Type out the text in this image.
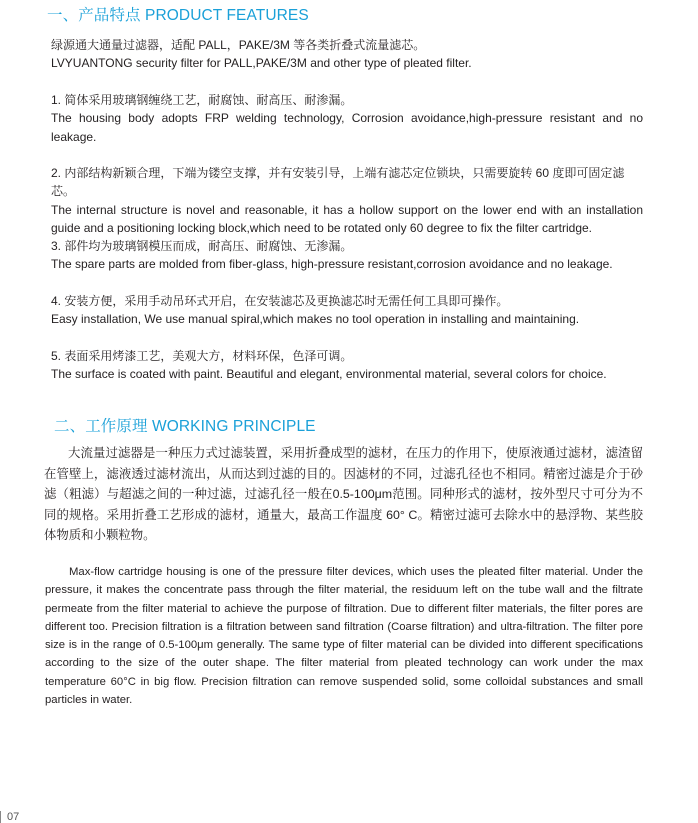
一、产品特点 PRODUCT FEATURES

绿源通大通量过滤器，适配 PALL，PAKE/3M 等各类折叠式流量滤芯。

LVYUANTONG security filter for PALL,PAKE/3M and other type of pleated filter.

1. 简体采用玻璃钢缠绕工艺，耐腐蚀、耐高压、耐渗漏。

The housing body adopts FRP welding technology, Corrosion avoidance,high-pressure resistant and no leakage.

2. 内部结构新颖合理，下端为镂空支撑，并有安装引导，上端有滤芯定位锁块，只需要旋转 60 度即可固定滤芯。

The internal structure is novel and reasonable, it has a hollow support on the lower end with an installation guide and a positioning locking block,which need to be rotated only 60 degree to fix the filter cartridge.

3. 部件均为玻璃钢模压而成，耐高压、耐腐蚀、无渗漏。

The spare parts are molded from fiber-glass, high-pressure resistant,corrosion avoidance and no leakage.

4. 安装方便，采用手动吊环式开启，在安装滤芯及更换滤芯时无需任何工具即可操作。

Easy installation, We use manual spiral,which makes no tool operation in installing and maintaining.

5. 表面采用烤漆工艺，美观大方，材料环保，色泽可调。

The surface is coated with paint. Beautiful and elegant, environmental material, several colors for choice.

二、工作原理 WORKING PRINCIPLE

大流量过滤器是一种压力式过滤装置，采用折叠成型的滤材，在压力的作用下，使原液通过滤材，滤渣留在管壁上，滤液透过滤材流出，从而达到过滤的目的。因滤材的不同，过滤孔径也不相同。精密过滤是介于砂滤（粗滤）与超滤之间的一种过滤，过滤孔径一般在0.5-100μm范围。同种形式的滤材，按外型尺寸可分为不同的规格。采用折叠工艺形成的滤材，通量大，最高工作温度 60° C。精密过滤可去除水中的悬浮物、某些胶体物质和小颗粒物。

Max-flow cartridge housing is one of the pressure filter devices, which uses the pleated filter material. Under the pressure, it makes the concentrate pass through the filter material, the residuum left on the tube wall and the filtrate permeate from the filter material to achieve the purpose of filtration. Due to different filter materials, the filter pores are different too. Precision filtration is a filtration between sand filtration (Coarse filtration) and ultra-filtration. The filter pore size is in the range of 0.5-100μm generally. The same type of filter material can be divided into different specifications according to the size of the outer shape. The filter material from pleated technology can work under the max temperature 60°C in big flow. Precision filtration can remove suspended solid, some colloidal substances and small particles in water.

07
